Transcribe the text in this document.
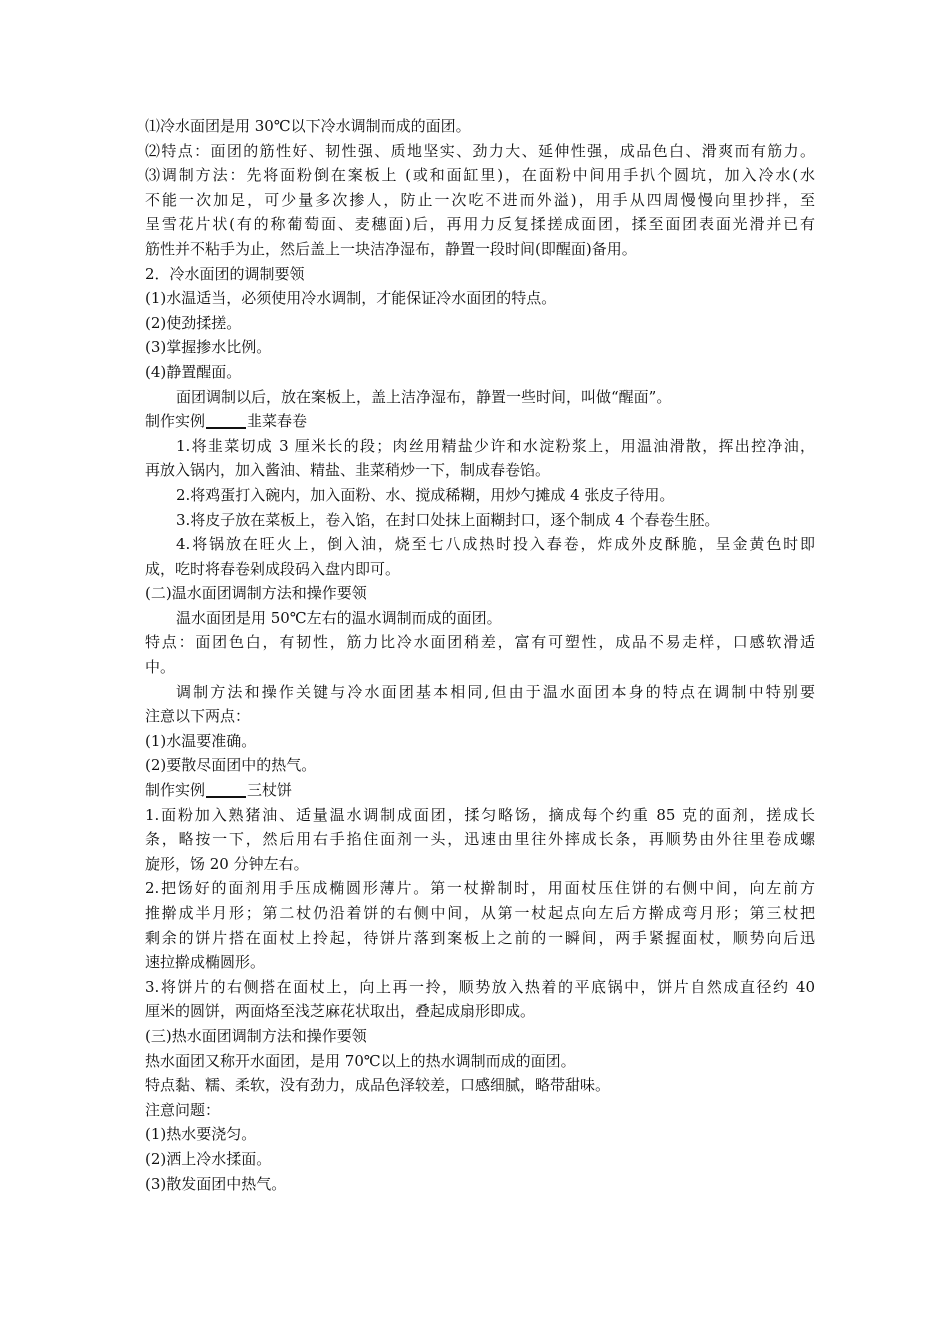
⑴冷水面团是用 30℃以下冷水调制而成的面团。
⑵特点：面团的筋性好、韧性强、质地坚实、劲力大、延伸性强，成品色白、滑爽而有筋力。
⑶调制方法：先将面粉倒在案板上 (或和面缸里)，在面粉中间用手扒个圆坑，加入冷水(水
不能一次加足，可少量多次掺人，防止一次吃不进而外溢)，用手从四周慢慢向里抄拌，至
呈雪花片状(有的称葡萄面、麦穗面)后，再用力反复揉搓成面团，揉至面团表面光滑并已有
筋性并不粘手为止，然后盖上一块洁净湿布，静置一段时间(即醒面)备用。
2．冷水面团的调制要领
(1)水温适当，必须使用冷水调制，才能保证冷水面团的特点。
(2)使劲揉搓。
(3)掌握掺水比例。
(4)静置醒面。
面团调制以后，放在案板上，盖上洁净湿布，静置一些时间，叫做“醒面”。
制作实例	韭菜春卷
1.将韭菜切成 3 厘米长的段；肉丝用精盐少许和水淀粉浆上，用温油滑散，挥出控净油，
再放入锅内，加入酱油、精盐、韭菜稍炒一下，制成春卷馅。
2.将鸡蛋打入碗内，加入面粉、水、搅成稀糊，用炒勺摊成 4 张皮子待用。
3.将皮子放在菜板上，卷入馅，在封口处抹上面糊封口，逐个制成 4 个春卷生胚。
4.将锅放在旺火上，倒入油，烧至七八成热时投入春卷，炸成外皮酥脆，呈金黄色时即
成，吃时将春卷剁成段码入盘内即可。
(二)温水面团调制方法和操作要领
温水面团是用 50℃左右的温水调制而成的面团。
特点：面团色白，有韧性，筋力比冷水面团稍差，富有可塑性，成品不易走样，口感软滑适
中。
调制方法和操作关键与冷水面团基本相同,但由于温水面团本身的特点在调制中特别要
注意以下两点：
(1)水温要准确。
(2)要散尽面团中的热气。
制作实例	三杖饼
1.面粉加入熟猪油、适量温水调制成面团，揉匀略饧，摘成每个约重 85 克的面剂，搓成长
条，略按一下，然后用右手掐住面剂一头，迅速由里往外摔成长条，再顺势由外往里卷成螺
旋形，饧 20 分钟左右。
2.把饧好的面剂用手压成椭圆形薄片。第一杖擀制时，用面杖压住饼的右侧中间，向左前方
推擀成半月形；第二杖仍沿着饼的右侧中间，从第一杖起点向左后方擀成弯月形；第三杖把
剩余的饼片搭在面杖上拎起，待饼片落到案板上之前的一瞬间，两手紧握面杖，顺势向后迅
速拉擀成椭圆形。
3.将饼片的右侧搭在面杖上，向上再一拎，顺势放入热着的平底锅中，饼片自然成直径约 40
厘米的圆饼，两面烙至浅芝麻花状取出，叠起成扇形即成。
(三)热水面团调制方法和操作要领
热水面团又称开水面团，是用 70℃以上的热水调制而成的面团。
特点黏、糯、柔软，没有劲力，成品色泽较差，口感细腻，略带甜味。
注意问题：
(1)热水要浇匀。
(2)洒上冷水揉面。
(3)散发面团中热气。
